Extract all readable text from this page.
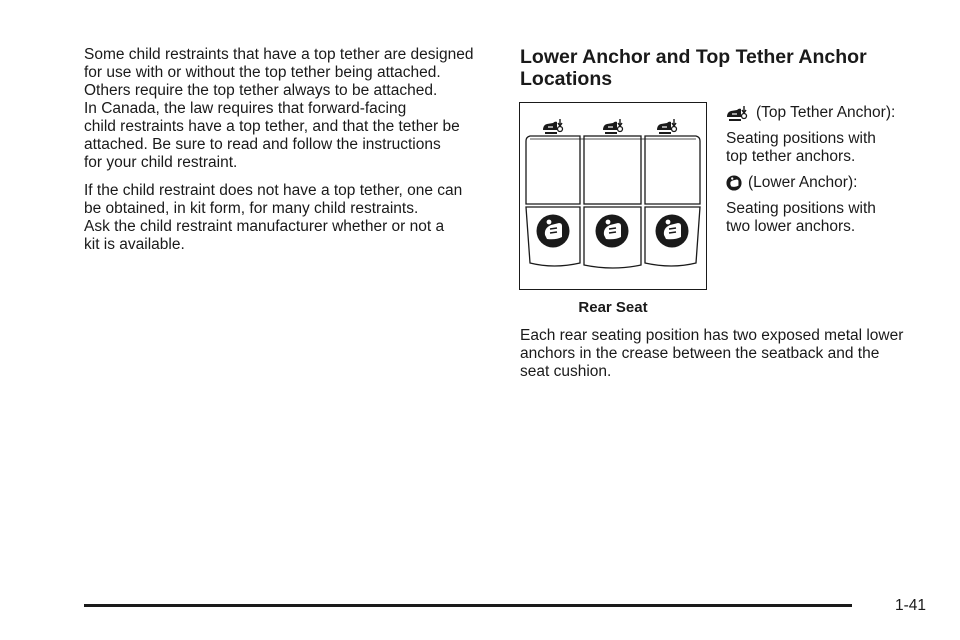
Some child restraints that have a top tether are designed
for use with or without the top tether being attached.
Others require the top tether always to be attached.
In Canada, the law requires that forward-facing
child restraints have a top tether, and that the tether be
attached. Be sure to read and follow the instructions
for your child restraint.

If the child restraint does not have a top tether, one can
be obtained, in kit form, for many child restraints.
Ask the child restraint manufacturer whether or not a
kit is available.

Lower Anchor and Top Tether Anchor
Locations
Rear Seat
(Top Tether Anchor):
Seating positions with
top tether anchors.
(Lower Anchor):
Seating positions with
two lower anchors.

Each rear seating position has two exposed metal lower
anchors in the crease between the seatback and the
seat cushion.

1-41
